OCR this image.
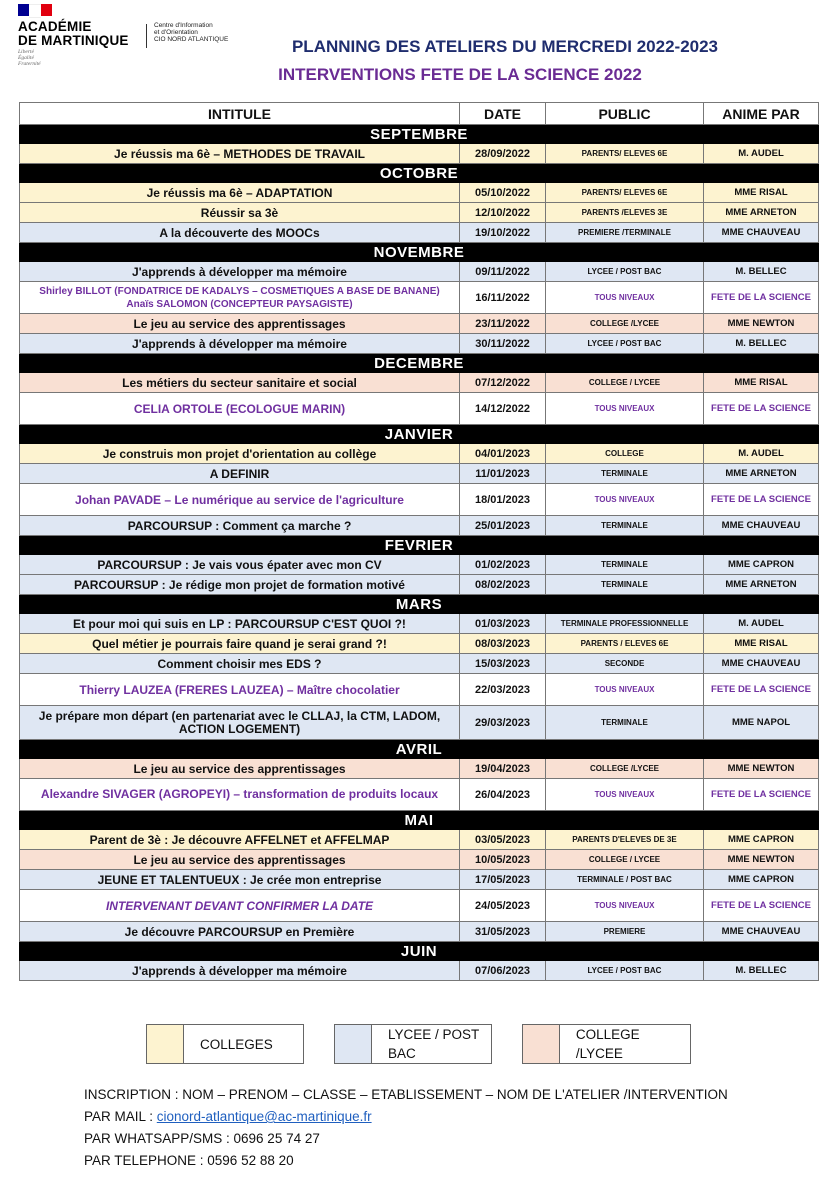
ACADÉMIE
DE MARTINIQUE
Liberté
Égalité
Fraternité
Centre d'Information
et d'Orientation
CIO NORD ATLANTIQUE	PLANNING DES ATELIERS DU MERCREDI 2022-2023
INTERVENTIONS FETE DE LA SCIENCE 2022
INTITULE	DATE	PUBLIC	ANIME PAR
SEPTEMBRE			
Je réussis ma 6è – METHODES DE TRAVAIL	28/09/2022	PARENTS/ ELEVES 6E	M. AUDEL
OCTOBRE			
Je réussis ma 6è – ADAPTATION	05/10/2022	PARENTS/ ELEVES 6E	MME RISAL
Réussir sa 3è	12/10/2022	PARENTS /ELEVES 3E	MME ARNETON
A la découverte des MOOCs	19/10/2022	PREMIERE /TERMINALE	MME CHAUVEAU
NOVEMBRE			
J'apprends à développer ma mémoire	09/11/2022	LYCEE / POST BAC	M. BELLEC
Shirley BILLOT (FONDATRICE DE KADALYS – COSMETIQUES A BASE DE BANANE)
Anaïs SALOMON (CONCEPTEUR PAYSAGISTE)	16/11/2022	TOUS NIVEAUX	FETE DE LA SCIENCE
Le jeu au service des apprentissages	23/11/2022	COLLEGE /LYCEE	MME NEWTON
J'apprends à développer ma mémoire	30/11/2022	LYCEE / POST BAC	M. BELLEC
DECEMBRE			
Les métiers du secteur sanitaire et social	07/12/2022	COLLEGE / LYCEE	MME RISAL
CELIA ORTOLE (ECOLOGUE MARIN)	14/12/2022	TOUS NIVEAUX	FETE DE LA SCIENCE
JANVIER			
Je construis mon projet d'orientation au collège	04/01/2023	COLLEGE	M. AUDEL
A DEFINIR	11/01/2023	TERMINALE	MME ARNETON
Johan PAVADE – Le numérique au service de l'agriculture	18/01/2023	TOUS NIVEAUX	FETE DE LA SCIENCE
PARCOURSUP : Comment ça marche ?	25/01/2023	TERMINALE	MME CHAUVEAU
FEVRIER			
PARCOURSUP : Je vais vous épater avec mon CV	01/02/2023	TERMINALE	MME CAPRON
PARCOURSUP : Je rédige mon projet de formation motivé	08/02/2023	TERMINALE	MME ARNETON
MARS			
Et pour moi qui suis en LP : PARCOURSUP C'EST QUOI ?!	01/03/2023	TERMINALE PROFESSIONNELLE	M. AUDEL
Quel métier je pourrais faire quand je serai grand ?!	08/03/2023	PARENTS / ELEVES 6E	MME RISAL
Comment choisir mes EDS ?	15/03/2023	SECONDE	MME CHAUVEAU
Thierry LAUZEA (FRERES LAUZEA) – Maître chocolatier	22/03/2023	TOUS NIVEAUX	FETE DE LA SCIENCE
Je prépare mon départ (en partenariat avec le CLLAJ, la CTM, LADOM, ACTION LOGEMENT)	29/03/2023	TERMINALE	MME NAPOL
AVRIL			
Le jeu au service des apprentissages	19/04/2023	COLLEGE /LYCEE	MME NEWTON
Alexandre SIVAGER (AGROPEYI) – transformation de produits locaux	26/04/2023	TOUS NIVEAUX	FETE DE LA SCIENCE
MAI			
Parent de 3è : Je découvre AFFELNET et AFFELMAP	03/05/2023	PARENTS D'ELEVES DE 3E	MME CAPRON
Le jeu au service des apprentissages	10/05/2023	COLLEGE / LYCEE	MME NEWTON
JEUNE ET TALENTUEUX : Je crée mon entreprise	17/05/2023	TERMINALE / POST BAC	MME CAPRON
INTERVENANT DEVANT CONFIRMER LA DATE	24/05/2023	TOUS NIVEAUX	FETE DE LA SCIENCE
Je découvre PARCOURSUP en Première	31/05/2023	PREMIERE	MME CHAUVEAU
JUIN			
J'apprends à développer ma mémoire	07/06/2023	LYCEE / POST BAC	M. BELLEC
COLLEGES
LYCEE / POST
BAC
COLLEGE /LYCEE
INSCRIPTION : NOM – PRENOM – CLASSE – ETABLISSEMENT – NOM DE L'ATELIER /INTERVENTION
PAR MAIL : cionord-atlantique@ac-martinique.fr
PAR WHATSAPP/SMS : 0696 25 74 27
PAR TELEPHONE : 0596 52 88 20
